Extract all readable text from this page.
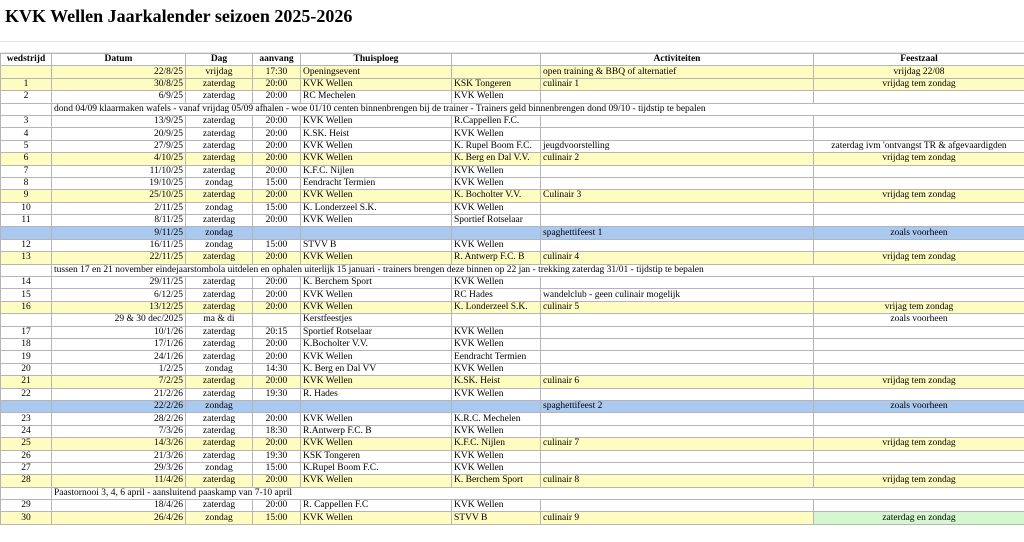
KVK Wellen Jaarkalender seizoen 2025-2026
wedstrijd	Datum	Dag	aanvang	Thuisploeg		Activiteiten	Feestzaal
	22/8/25	vrijdag	17:30	Openingsevent		open training & BBQ of alternatief	vrijdag 22/08
1	30/8/25	zaterdag	20:00	KVK Wellen	KSK Tongeren	culinair 1	vrijdag tem zondag
2	6/9/25	zaterdag	20:00	RC Mechelen	KVK Wellen		

	dond 04/09 klaarmaken wafels - vanaf vrijdag 05/09 afhalen - woe 01/10 centen binnenbrengen bij de trainer - Trainers geld binnenbrengen dond 09/10 - tijdstip te bepalen						

3	13/9/25	zaterdag	20:00	KVK Wellen	R.Cappellen F.C.		
4	20/9/25	zaterdag	20:00	K.SK. Heist	KVK Wellen		
5	27/9/25	zaterdag	20:00	KVK Wellen	K. Rupel Boom F.C.	jeugdvoorstelling	zaterdag ivm 'ontvangst TR & afgevaardigden
6	4/10/25	zaterdag	20:00	KVK Wellen	K. Berg en Dal V.V.	culinair 2	vrijdag tem zondag
7	11/10/25	zaterdag	20:00	K.F.C. Nijlen	KVK Wellen		
8	19/10/25	zondag	15:00	Eendracht Termien	KVK Wellen		
9	25/10/25	zaterdag	20:00	KVK Wellen	K. Bocholter V.V.	Culinair 3	vrijdag tem zondag
10	2/11/25	zondag	15:00	K. Londerzeel S.K.	KVK Wellen		
11	8/11/25	zaterdag	20:00	KVK Wellen	Sportief Rotselaar		
	9/11/25	zondag				spaghettifeest 1	zoals voorheen
12	16/11/25	zondag	15:00	STVV B	KVK Wellen		
13	22/11/25	zaterdag	20:00	KVK Wellen	R. Antwerp F.C. B	culinair 4	vrijdag tem zondag

	tussen 17 en 21 november eindejaarstombola uitdelen en ophalen uiterlijk 15 januari - trainers brengen deze binnen op 22 jan - trekking zaterdag 31/01 - tijdstip te bepalen						

14	29/11/25	zaterdag	20:00	K. Berchem Sport	KVK Wellen		
15	6/12/25	zaterdag	20:00	KVK Wellen	RC Hades	wandelclub - geen culinair mogelijk	
16	13/12/25	zaterdag	20:00	KVK Wellen	K. Londerzeel S.K.	culinair 5	vrijag tem zondag
	29 & 30 dec/2025	ma & di		Kerstfeestjes			zoals voorheen
17	10/1/26	zaterdag	20:15	Sportief Rotselaar	KVK Wellen		
18	17/1/26	zaterdag	20:00	K.Bocholter V.V.	KVK Wellen		
19	24/1/26	zaterdag	20:00	KVK Wellen	Eendracht Termien		
20	1/2/25	zondag	14:30	K. Berg en Dal VV	KVK Wellen		
21	7/2/25	zaterdag	20:00	KVK Wellen	K.SK. Heist	culinair 6	vrijdag tem zondag
22	21/2/26	zaterdag	19:30	R. Hades	KVK Wellen		
	22/2/26	zondag				spaghettifeest 2	zoals voorheen
23	28/2/26	zaterdag	20:00	KVK Wellen	K.R.C. Mechelen		
24	7/3/26	zaterdag	18:30	R.Antwerp F.C. B	KVK Wellen		
25	14/3/26	zaterdag	20:00	KVK Wellen	K.F.C. Nijlen	culinair 7	vrijdag tem zondag
26	21/3/26	zaterdag	19:30	KSK Tongeren	KVK Wellen		
27	29/3/26	zondag	15:00	K.Rupel Boom F.C.	KVK Wellen		
28	11/4/26	zaterdag	20:00	KVK Wellen	K. Berchem Sport	culinair 8	vrijdag tem zondag

	Paastornooi 3, 4, 6 april - aansluitend paaskamp van 7-10 april						

29	18/4/26	zaterdag	20:00	R. Cappellen F.C	KVK Wellen		
30	26/4/26	zondag	15:00	KVK Wellen	STVV B	culinair 9	zaterdag en zondag
